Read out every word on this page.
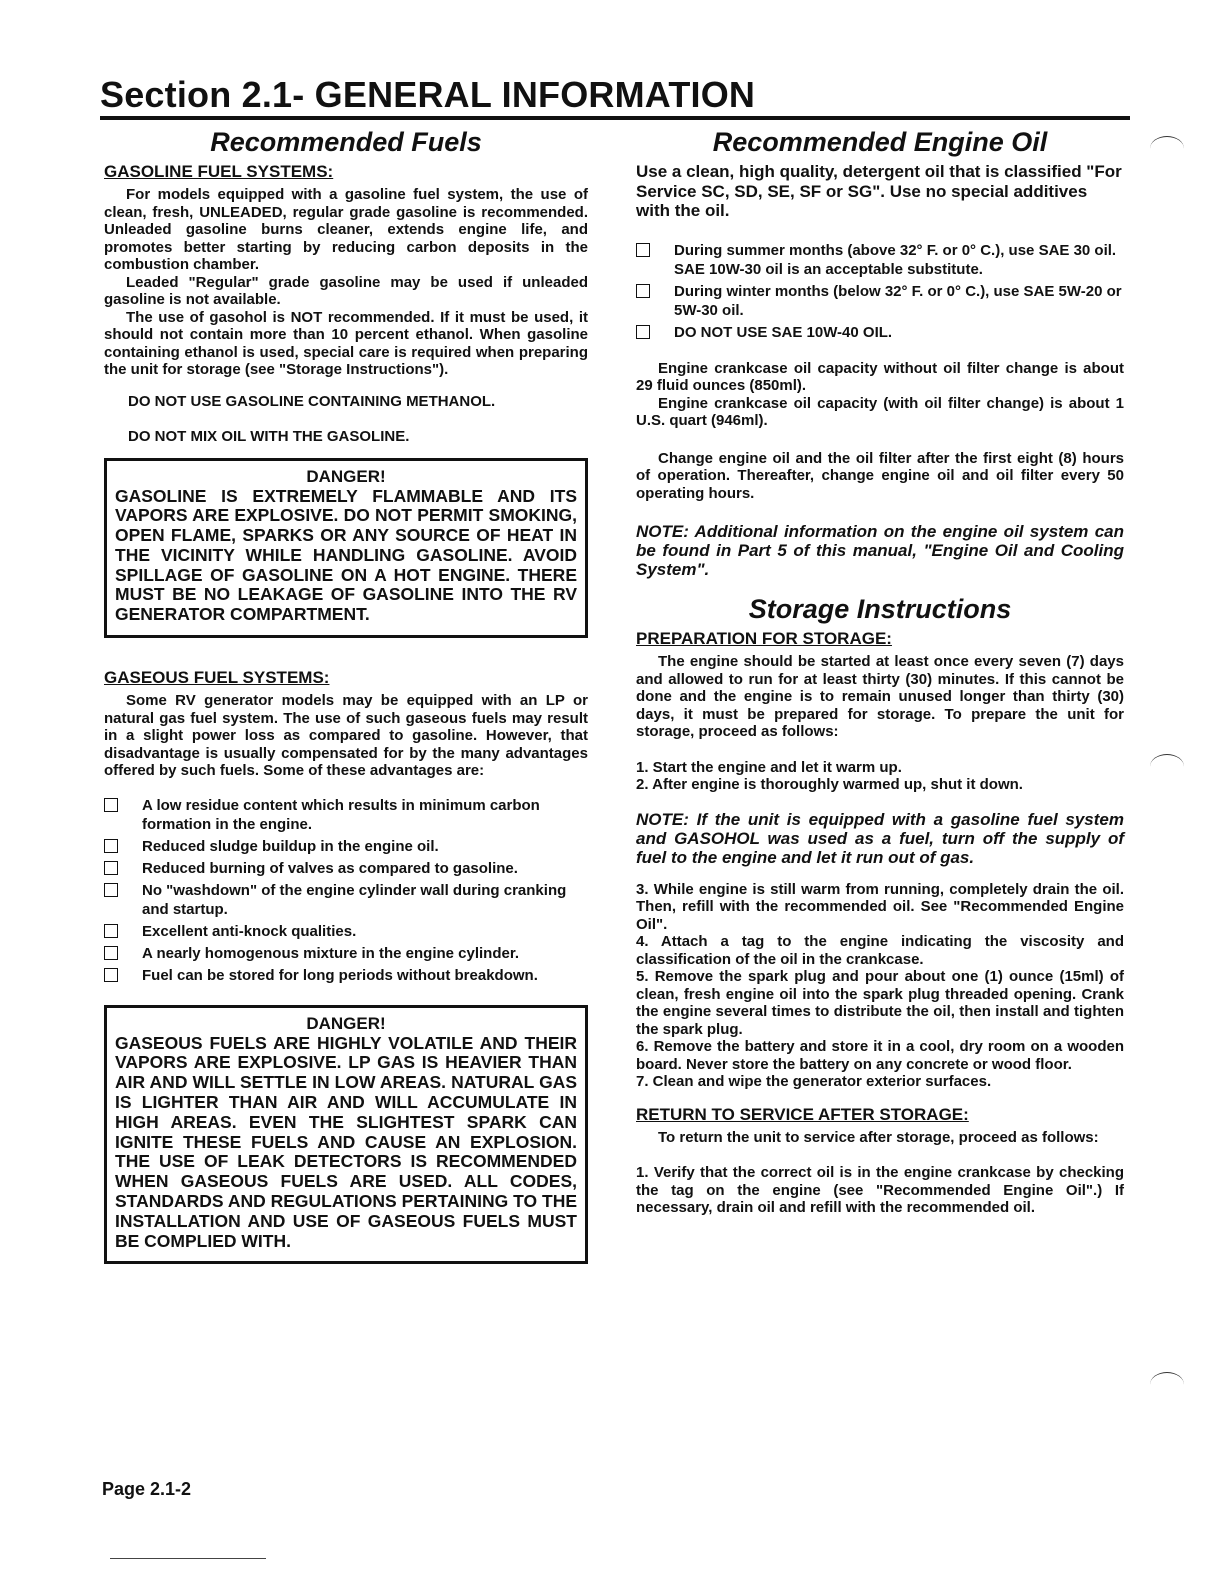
Section 2.1- GENERAL INFORMATION
Recommended Fuels
GASOLINE FUEL SYSTEMS:

For models equipped with a gasoline fuel system, the use of clean, fresh, UNLEADED, regular grade gasoline is recommended. Unleaded gasoline burns cleaner, extends engine life, and promotes better starting by reducing carbon deposits in the combustion chamber.

Leaded "Regular" grade gasoline may be used if unleaded gasoline is not available.

The use of gasohol is NOT recommended. If it must be used, it should not contain more than 10 percent ethanol. When gasoline containing ethanol is used, special care is required when preparing the unit for storage (see "Storage Instructions").

DO NOT USE GASOLINE CONTAINING METHANOL.

DO NOT MIX OIL WITH THE GASOLINE.

DANGER!
GASOLINE IS EXTREMELY FLAMMABLE AND ITS VAPORS ARE EXPLOSIVE. DO NOT PERMIT SMOKING, OPEN FLAME, SPARKS OR ANY SOURCE OF HEAT IN THE VICINITY WHILE HANDLING GASOLINE. AVOID SPILLAGE OF GASOLINE ON A HOT ENGINE. THERE MUST BE NO LEAKAGE OF GASOLINE INTO THE RV GENERATOR COMPARTMENT.
GASEOUS FUEL SYSTEMS:

Some RV generator models may be equipped with an LP or natural gas fuel system. The use of such gaseous fuels may result in a slight power loss as compared to gasoline. However, that disadvantage is usually compensated for by the many advantages offered by such fuels. Some of these advantages are:

A low residue content which results in minimum carbon formation in the engine.
Reduced sludge buildup in the engine oil.
Reduced burning of valves as compared to gasoline.
No "washdown" of the engine cylinder wall during cranking and startup.
Excellent anti-knock qualities.
A nearly homogenous mixture in the engine cylinder.
Fuel can be stored for long periods without breakdown.
DANGER!
GASEOUS FUELS ARE HIGHLY VOLATILE AND THEIR VAPORS ARE EXPLOSIVE. LP GAS IS HEAVIER THAN AIR AND WILL SETTLE IN LOW AREAS. NATURAL GAS IS LIGHTER THAN AIR AND WILL ACCUMULATE IN HIGH AREAS. EVEN THE SLIGHTEST SPARK CAN IGNITE THESE FUELS AND CAUSE AN EXPLOSION. THE USE OF LEAK DETECTORS IS RECOMMENDED WHEN GASEOUS FUELS ARE USED. ALL CODES, STANDARDS AND REGULATIONS PERTAINING TO THE INSTALLATION AND USE OF GASEOUS FUELS MUST BE COMPLIED WITH.
Recommended Engine Oil

Use a clean, high quality, detergent oil that is classified "For Service SC, SD, SE, SF or SG". Use no special additives with the oil.

During summer months (above 32° F. or 0° C.), use SAE 30 oil. SAE 10W-30 oil is an acceptable substitute.
During winter months (below 32° F. or 0° C.), use SAE 5W-20 or 5W-30 oil.
DO NOT USE SAE 10W-40 OIL.

Engine crankcase oil capacity without oil filter change is about 29 fluid ounces (850ml).

Engine crankcase oil capacity (with oil filter change) is about 1 U.S. quart (946ml).

Change engine oil and the oil filter after the first eight (8) hours of operation. Thereafter, change engine oil and oil filter every 50 operating hours.

NOTE: Additional information on the engine oil system can be found in Part 5 of this manual, "Engine Oil and Cooling System".

Storage Instructions
PREPARATION FOR STORAGE:

The engine should be started at least once every seven (7) days and allowed to run for at least thirty (30) minutes. If this cannot be done and the engine is to remain unused longer than thirty (30) days, it must be prepared for storage. To prepare the unit for storage, proceed as follows:

1. Start the engine and let it warm up.
2. After engine is thoroughly warmed up, shut it down.

NOTE: If the unit is equipped with a gasoline fuel system and GASOHOL was used as a fuel, turn off the supply of fuel to the engine and let it run out of gas.

3. While engine is still warm from running, completely drain the oil. Then, refill with the recommended oil. See "Recommended Engine Oil".
4. Attach a tag to the engine indicating the viscosity and classification of the oil in the crankcase.
5. Remove the spark plug and pour about one (1) ounce (15ml) of clean, fresh engine oil into the spark plug threaded opening. Crank the engine several times to distribute the oil, then install and tighten the spark plug.
6. Remove the battery and store it in a cool, dry room on a wooden board. Never store the battery on any concrete or wood floor.
7. Clean and wipe the generator exterior surfaces.
RETURN TO SERVICE AFTER STORAGE:

To return the unit to service after storage, proceed as follows:

1. Verify that the correct oil is in the engine crankcase by checking the tag on the engine (see "Recommended Engine Oil".) If necessary, drain oil and refill with the recommended oil.

Page 2.1-2
